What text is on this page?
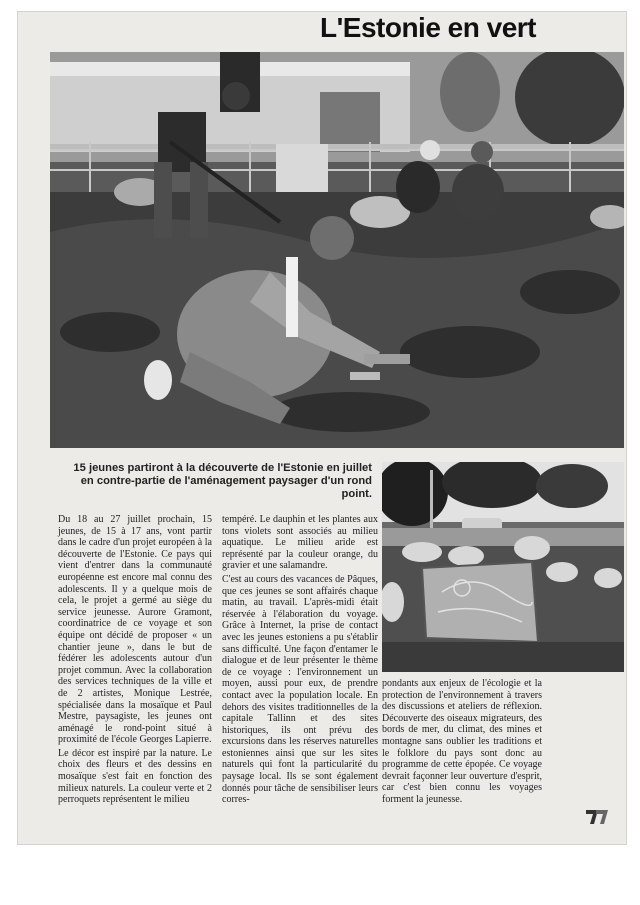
L'Estonie en vert
15 jeunes partiront à la découverte de l'Estonie en juillet en contre-partie de l'aménagement paysager d'un rond point.

Du 18 au 27 juillet prochain, 15 jeunes, de 15 à 17 ans, vont partir dans le cadre d'un projet européen à la découverte de l'Estonie. Ce pays qui vient d'entrer dans la communauté européenne est encore mal connu des adolescents. Il y a quelque mois de cela, le projet a germé au siège du service jeunesse. Aurore Gramont, coordinatrice de ce voyage et son équipe ont décidé de proposer « un chantier jeune », dans le but de fédérer les adolescents autour d'un projet commun. Avec la collaboration des services techniques de la ville et de 2 artistes, Monique Lestrée, spécialisée dans la mosaïque et Paul Mestre, paysagiste, les jeunes ont aménagé le rond-point situé à proximité de l'école Georges Lapierre.

Le décor est inspiré par la nature. Le choix des fleurs et des dessins en mosaïque s'est fait en fonction des milieux naturels. La couleur verte et 2 perroquets représentent le milieu

tempéré. Le dauphin et les plantes aux tons violets sont associés au milieu aquatique. Le milieu aride est représenté par la couleur orange, du gravier et une salamandre.

C'est au cours des vacances de Pâques, que ces jeunes se sont affairés chaque matin, au travail. L'après-midi était réservée à l'élaboration du voyage. Grâce à Internet, la prise de contact avec les jeunes estoniens a pu s'établir sans difficulté. Une façon d'entamer le dialogue et de leur présenter le thème de ce voyage : l'environnement un moyen, aussi pour eux, de prendre contact avec la population locale. En dehors des visites traditionnelles de la capitale Tallinn et des sites historiques, ils ont prévu des excursions dans les réserves naturelles estoniennes ainsi que sur les sites naturels qui font la particularité du paysage local. Ils se sont également donnés pour tâche de sensibiliser leurs corres-

pondants aux enjeux de l'écologie et la protection de l'environnement à travers des discussions et ateliers de réflexion. Découverte des oiseaux migrateurs, des bords de mer, du climat, des mines et montagne sans oublier les traditions et le folklore du pays sont donc au programme de cette épopée. Ce voyage devrait façonner leur ouverture d'esprit, car c'est bien connu les voyages forment la jeunesse.
